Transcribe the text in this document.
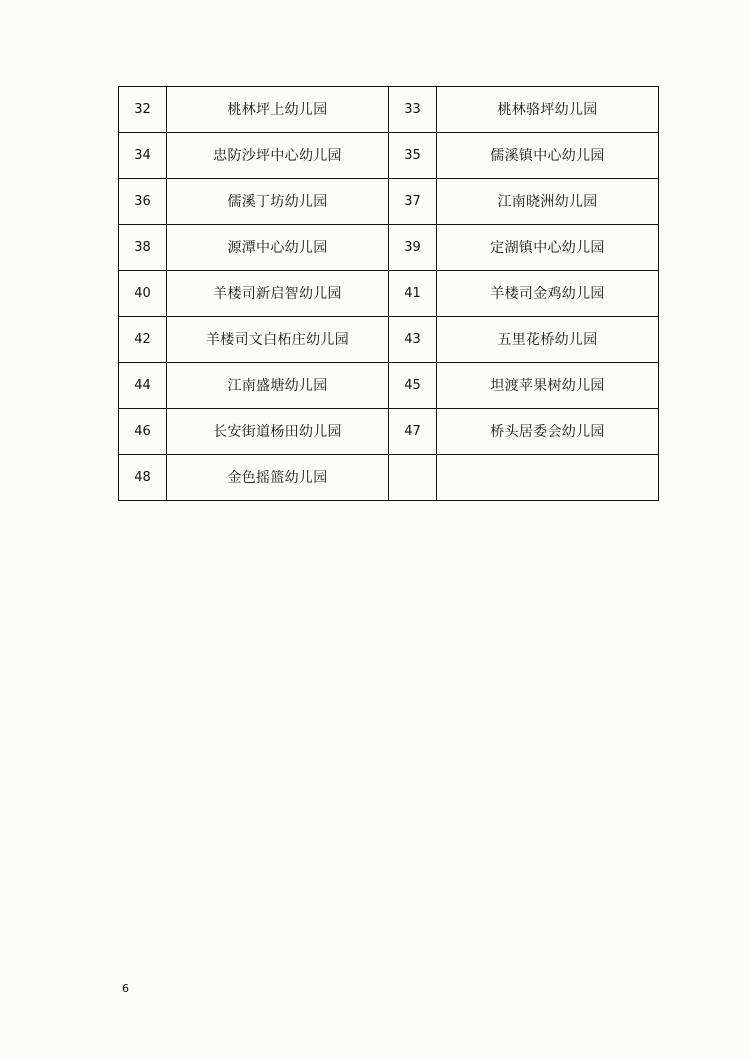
32	桃林坪上幼儿园	33	桃林骆坪幼儿园
34	忠防沙坪中心幼儿园	35	儒溪镇中心幼儿园
36	儒溪丁坊幼儿园	37	江南晓洲幼儿园
38	源潭中心幼儿园	39	定湖镇中心幼儿园
40	羊楼司新启智幼儿园	41	羊楼司金鸡幼儿园
42	羊楼司文白柘庄幼儿园	43	五里花桥幼儿园
44	江南盛塘幼儿园	45	坦渡苹果树幼儿园
46	长安街道杨田幼儿园	47	桥头居委会幼儿园
48	金色摇篮幼儿园		
6
